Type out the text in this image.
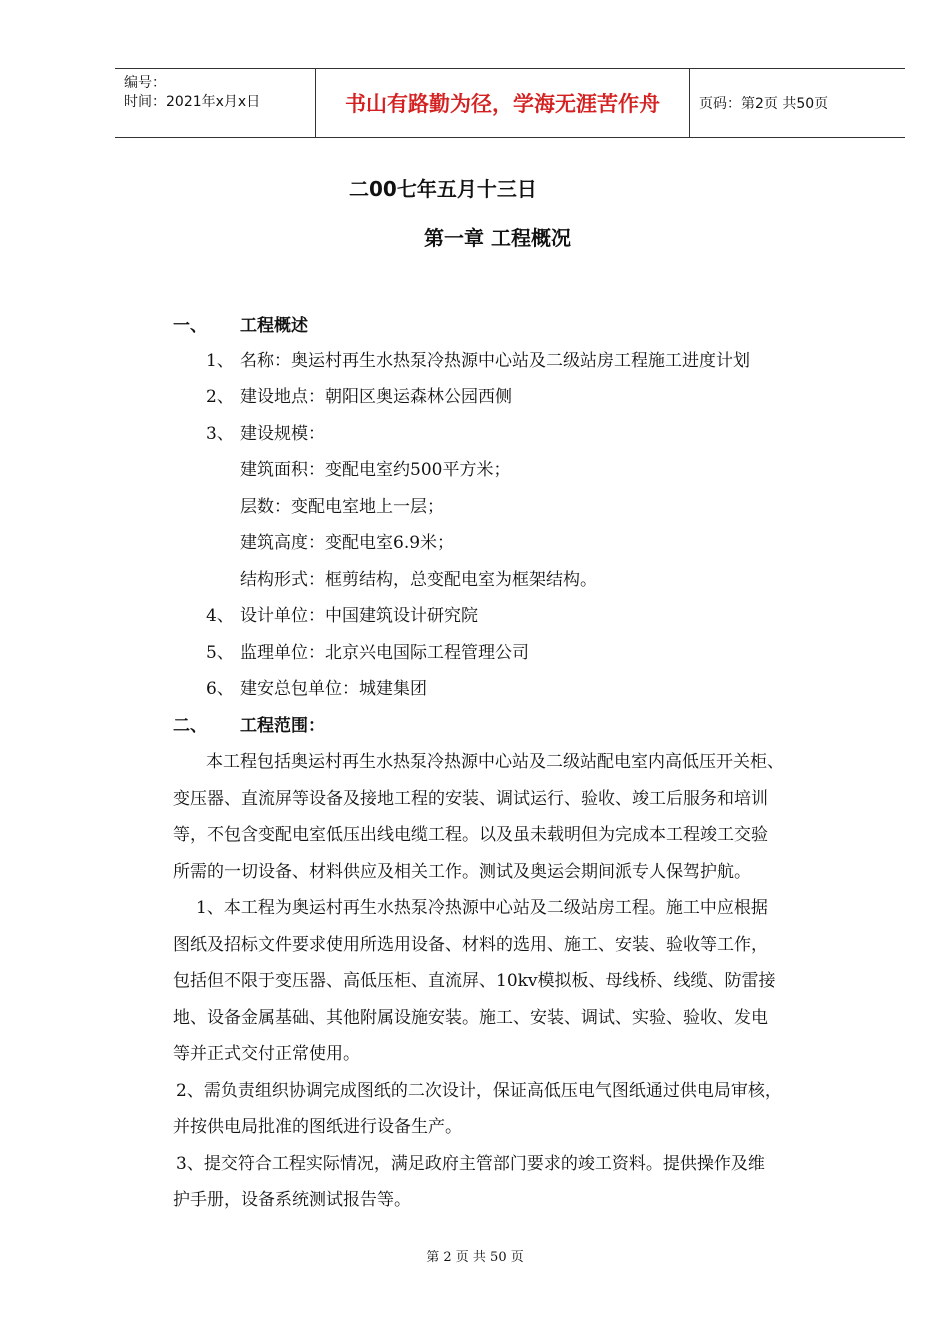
编号：
时间：2021年x月x日	书山有路勤为径，学海无涯苦作舟	页码：第2页 共50页
二00七年五月十三日
第一章 工程概况
一、 工程概述
1、 名称：奥运村再生水热泵冷热源中心站及二级站房工程施工进度计划
2、 建设地点：朝阳区奥运森林公园西侧
3、 建设规模：
建筑面积：变配电室约500平方米；
层数：变配电室地上一层；
建筑高度：变配电室6.9米；
结构形式：框剪结构，总变配电室为框架结构。
4、 设计单位：中国建筑设计研究院
5、 监理单位：北京兴电国际工程管理公司
6、 建安总包单位：城建集团
二、 工程范围：
本工程包括奥运村再生水热泵冷热源中心站及二级站配电室内高低压开关柜、
变压器、直流屏等设备及接地工程的安装、调试运行、验收、竣工后服务和培训
等，不包含变配电室低压出线电缆工程。以及虽未载明但为完成本工程竣工交验
所需的一切设备、材料供应及相关工作。测试及奥运会期间派专人保驾护航。
1、本工程为奥运村再生水热泵冷热源中心站及二级站房工程。施工中应根据
图纸及招标文件要求使用所选用设备、材料的选用、施工、安装、验收等工作，
包括但不限于变压器、高低压柜、直流屏、10kv模拟板、母线桥、线缆、防雷接
地、设备金属基础、其他附属设施安装。施工、安装、调试、实验、验收、发电
等并正式交付正常使用。
2、需负责组织协调完成图纸的二次设计，保证高低压电气图纸通过供电局审核，
并按供电局批准的图纸进行设备生产。
3、提交符合工程实际情况，满足政府主管部门要求的竣工资料。提供操作及维
护手册，设备系统测试报告等。
第 2 页 共 50 页
